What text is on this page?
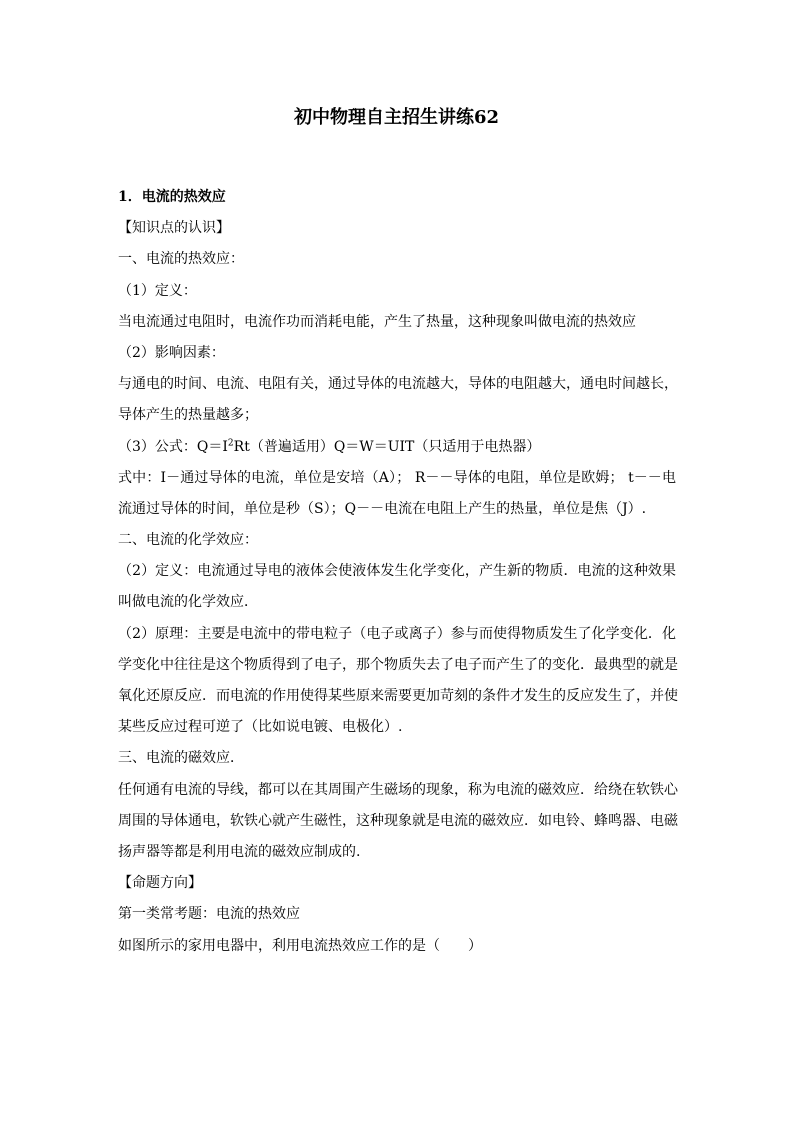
初中物理自主招生讲练62
1．电流的热效应
【知识点的认识】
一、电流的热效应：
（1）定义：
当电流通过电阻时，电流作功而消耗电能，产生了热量，这种现象叫做电流的热效应
（2）影响因素：
与通电的时间、电流、电阻有关，通过导体的电流越大，导体的电阻越大，通电时间越长，
导体产生的热量越多；
（3）公式：$Q=I^2Rt$（普遍适用）Q＝W＝UIT（只适用于电热器）
式中：I－通过导体的电流，单位是安培（A）； R－－导体的电阻，单位是欧姆； t－－电
流通过导体的时间，单位是秒（S）；Q－－电流在电阻上产生的热量，单位是焦（J）.
二、电流的化学效应：
（2）定义：电流通过导电的液体会使液体发生化学变化，产生新的物质．电流的这种效果
叫做电流的化学效应．
（2）原理：主要是电流中的带电粒子（电子或离子）参与而使得物质发生了化学变化．化
学变化中往往是这个物质得到了电子，那个物质失去了电子而产生了的变化．最典型的就是
氧化还原反应．而电流的作用使得某些原来需要更加苛刻的条件才发生的反应发生了，并使
某些反应过程可逆了（比如说电镀、电极化）.
三、电流的磁效应．
任何通有电流的导线，都可以在其周围产生磁场的现象，称为电流的磁效应．给绕在软铁心
周围的导体通电，软铁心就产生磁性，这种现象就是电流的磁效应．如电铃、蜂鸣器、电磁
扬声器等都是利用电流的磁效应制成的.
【命题方向】
第一类常考题：电流的热效应
如图所示的家用电器中，利用电流热效应工作的是（　　）
